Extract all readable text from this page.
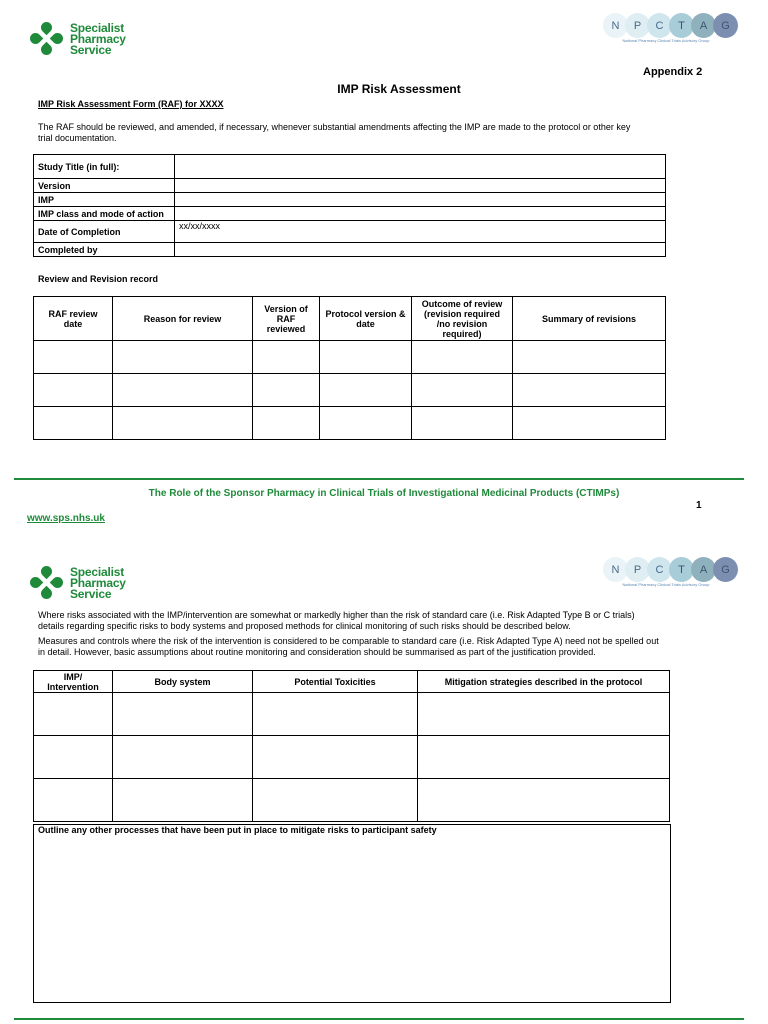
Specialist
Pharmacy
Service
N	P	C	T	A	G
National Pharmacy Clinical Trials Advisory Group
Appendix 2
IMP Risk Assessment
IMP Risk Assessment Form (RAF) for XXXX

The RAF should be reviewed, and amended, if necessary, whenever substantial amendments affecting the IMP are made to the protocol or other key trial documentation.

Study Title (in full):	
Version	
IMP	
IMP class and mode of action	
Date of Completion	xx/xx/xxxx
Completed by	
Review and Revision record
RAF review date	Reason for review	Version of RAF reviewed	Protocol version & date	Outcome of review (revision required /no revision required)	Summary of revisions

The Role of the Sponsor Pharmacy in Clinical Trials of Investigational Medicinal Products (CTIMPs)
www.sps.nhs.uk
1
Specialist
Pharmacy
Service
N	P	C	T	A	G
National Pharmacy Clinical Trials Advisory Group

Where risks associated with the IMP/intervention are somewhat or markedly higher than the risk of standard care (i.e. Risk Adapted Type B or C trials) details regarding specific risks to body systems and proposed methods for clinical monitoring of such risks should be described below.

Measures and controls where the risk of the intervention is considered to be comparable to standard care (i.e. Risk Adapted Type A) need not be spelled out in detail. However, basic assumptions about routine monitoring and consideration should be summarised as part of the justification provided.

IMP/ Intervention	Body system	Potential Toxicities	Mitigation strategies described in the protocol

Outline any other processes that have been put in place to mitigate risks to participant safety
